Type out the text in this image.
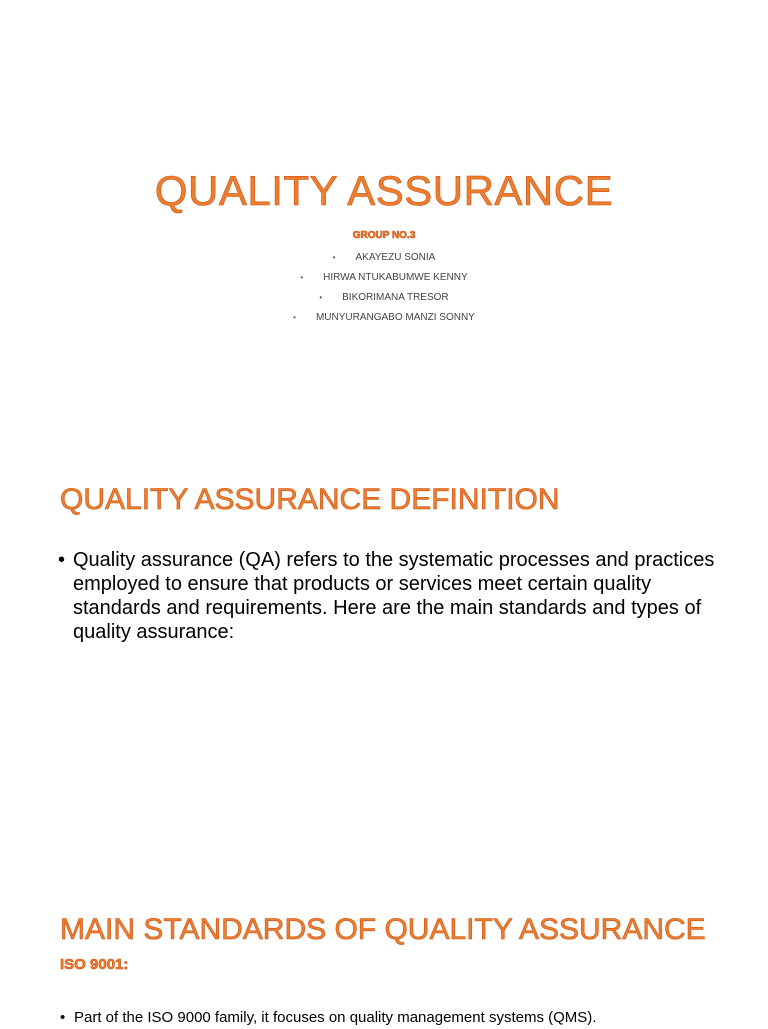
QUALITY ASSURANCE

GROUP NO.3

• AKAYEZU SONIA
• HIRWA NTUKABUMWE KENNY
• BIKORIMANA TRESOR
• MUNYURANGABO MANZI SONNY
QUALITY ASSURANCE DEFINITION

• Quality assurance (QA) refers to the systematic processes and practices employed to ensure that products or services meet certain quality standards and requirements. Here are the main standards and types of quality assurance:

MAIN STANDARDS OF QUALITY ASSURANCE

ISO 9001:

• Part of the ISO 9000 family, it focuses on quality management systems (QMS).
